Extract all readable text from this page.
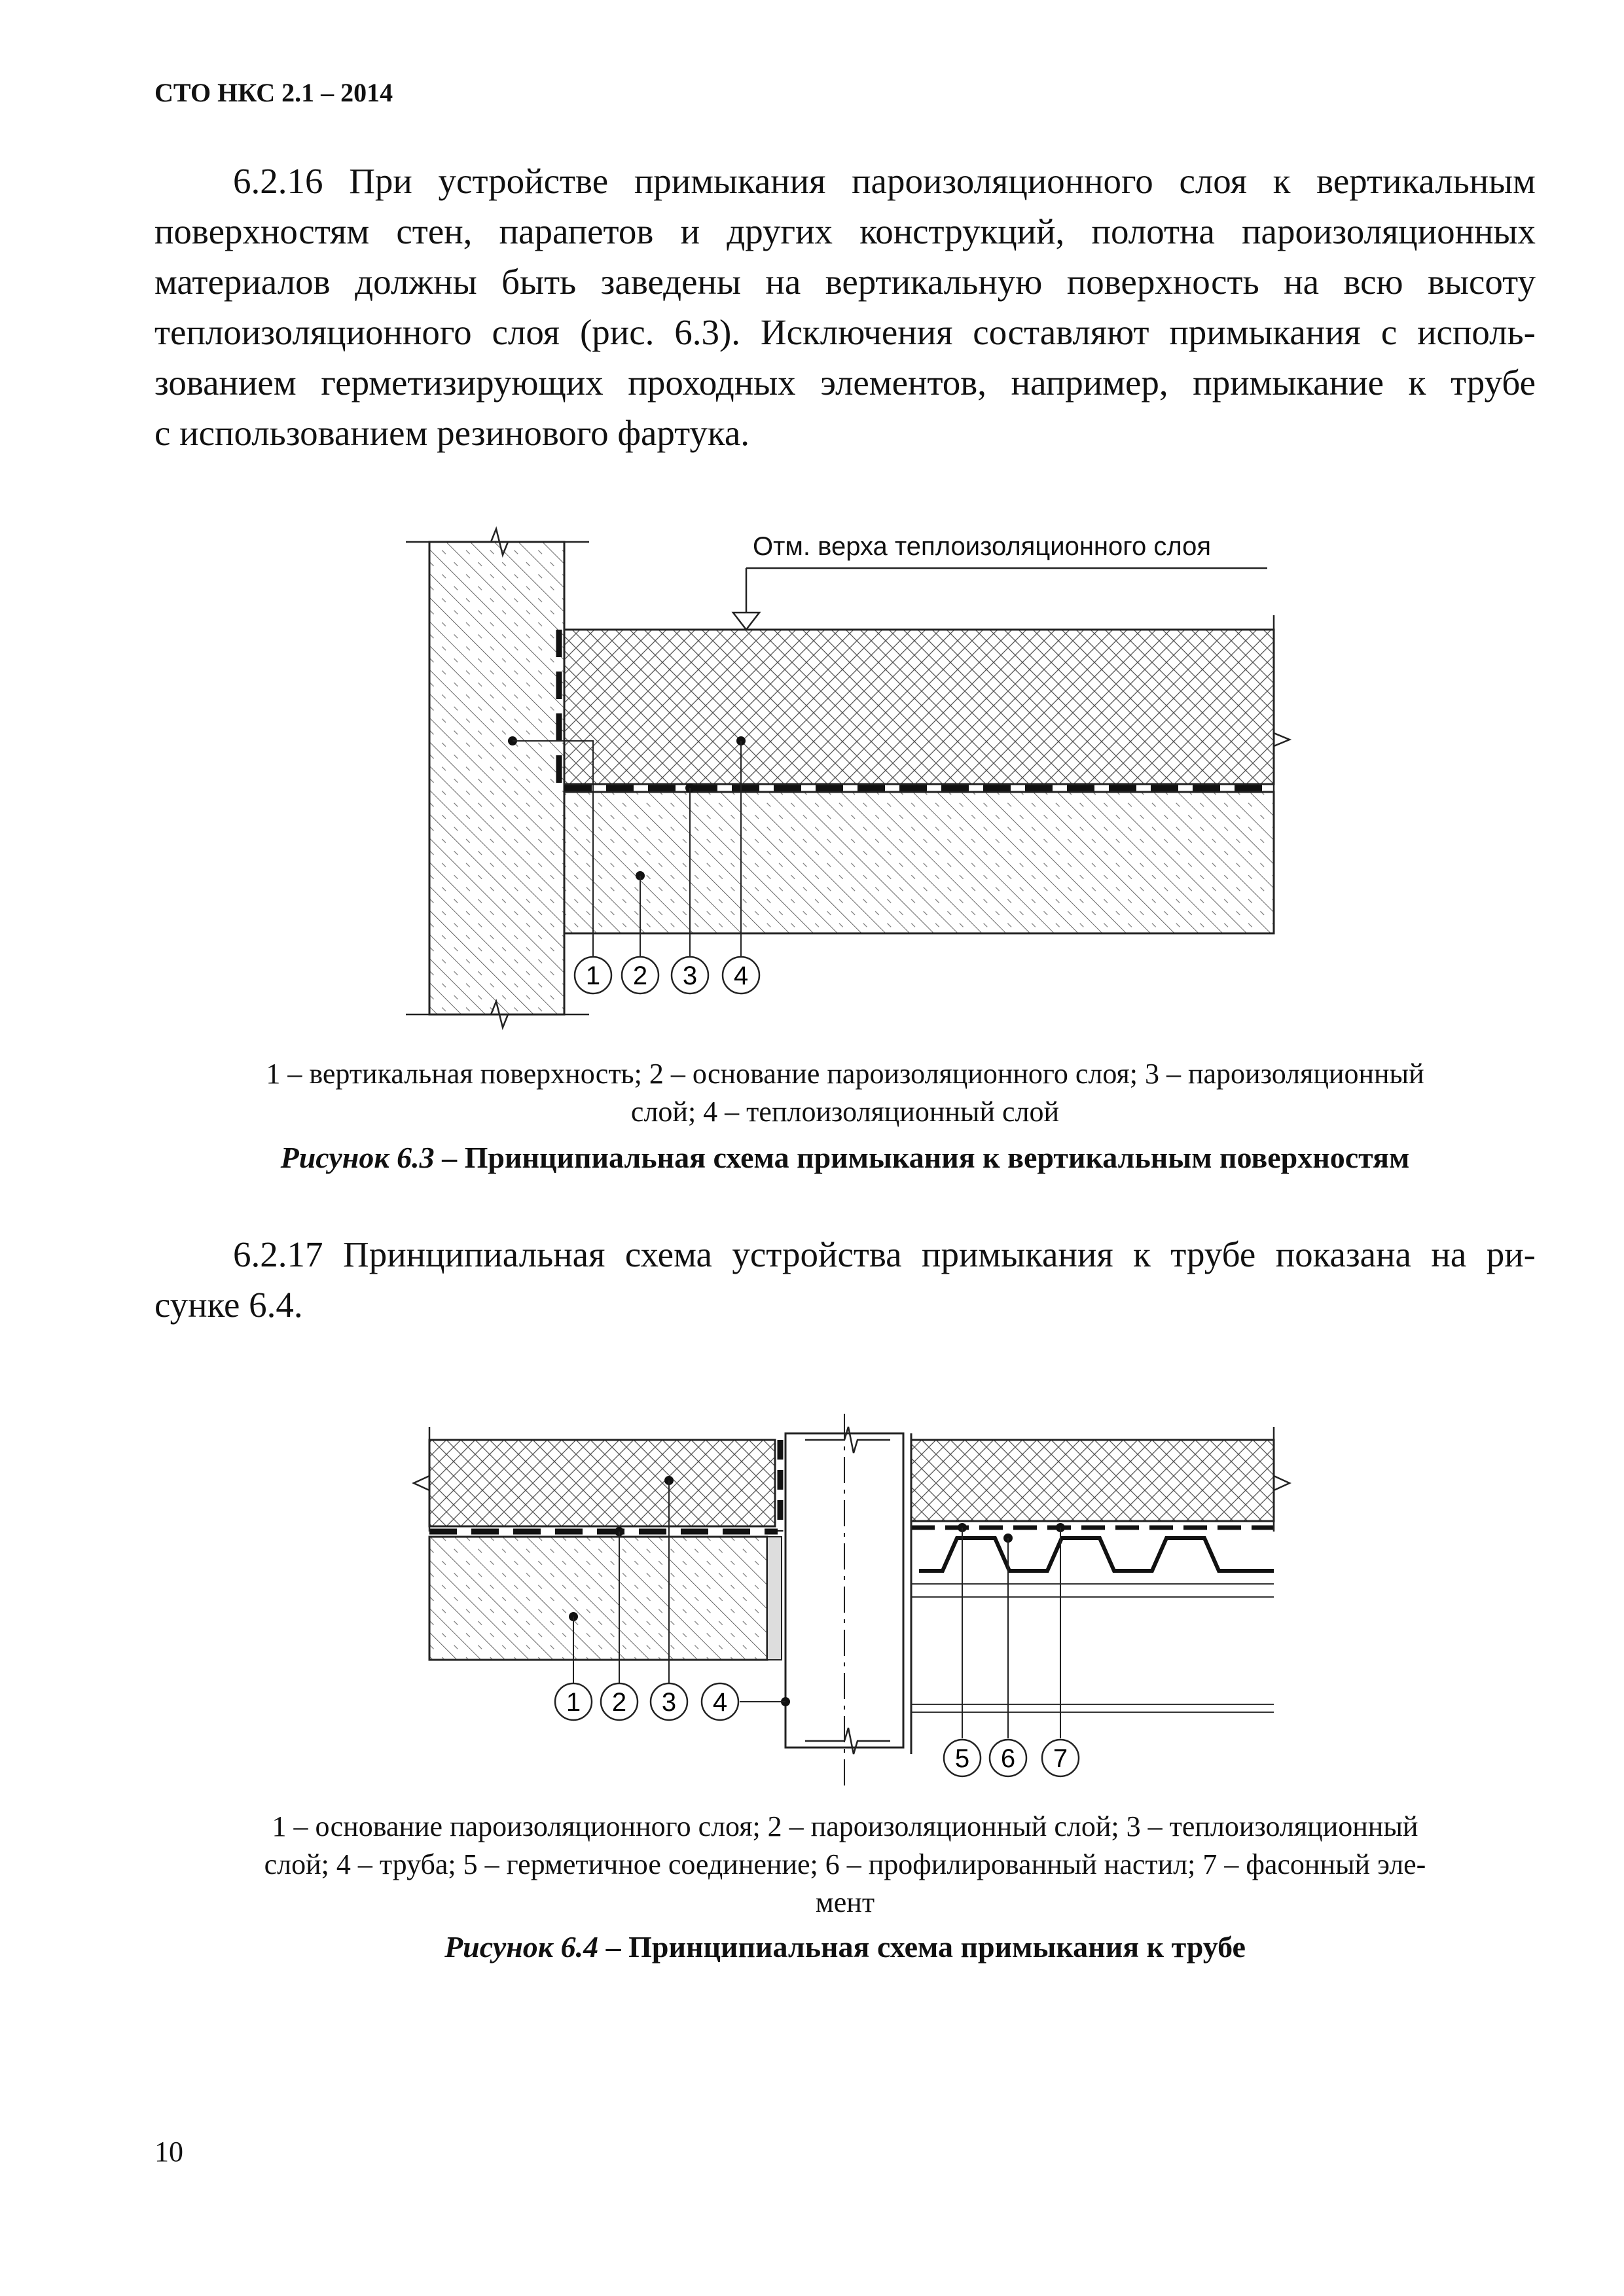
СТО НКС 2.1 – 2014
6.2.16 При устройстве примыкания пароизоляционного слоя к вертикальным
поверхностям стен, парапетов и других конструкций, полотна пароизоляционных
материалов должны быть заведены на вертикальную поверхность на всю высоту
теплоизоляционного слоя (рис. 6.3). Исключения составляют примыкания с исполь-
зованием герметизирующих проходных элементов, например, примыкание к трубе
с использованием резинового фартука.
Отм. верха теплоизоляционного слоя
1 2 3 4
1 – вертикальная поверхность; 2 – основание пароизоляционного слоя; 3 – пароизоляционный
слой; 4 – теплоизоляционный слой
Рисунок 6.3 – Принципиальная схема примыкания к вертикальным поверхностям
6.2.17 Принципиальная схема устройства примыкания к трубе показана на ри-
сунке 6.4.
1 2 3 4
5 6 7
1 – основание пароизоляционного слоя; 2 – пароизоляционный слой; 3 – теплоизоляционный
слой; 4 – труба; 5 – герметичное соединение; 6 – профилированный настил; 7 – фасонный эле-
мент
Рисунок 6.4 – Принципиальная схема примыкания к трубе
10
